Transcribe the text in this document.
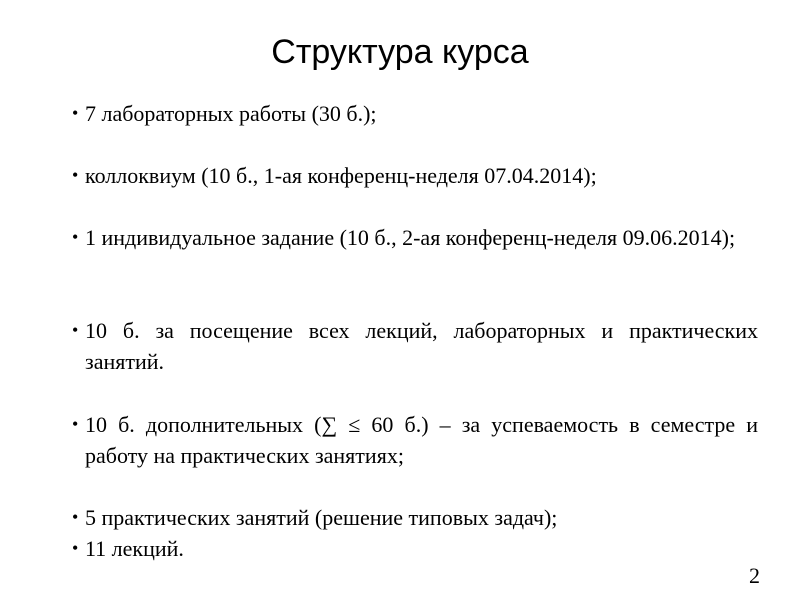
Структура курса
• 7 лабораторных работы (30 б.);
• коллоквиум (10 б., 1-ая конференц-неделя 07.04.2014);
• 1 индивидуальное задание (10 б., 2-ая конференц-неделя 09.06.2014);
• 10 б. за посещение всех лекций, лабораторных и практических занятий.
• 10 б. дополнительных (∑ ≤ 60 б.) – за успеваемость в семестре и работу на практических занятиях;
• 5 практических занятий (решение типовых задач);
• 11 лекций.
2
